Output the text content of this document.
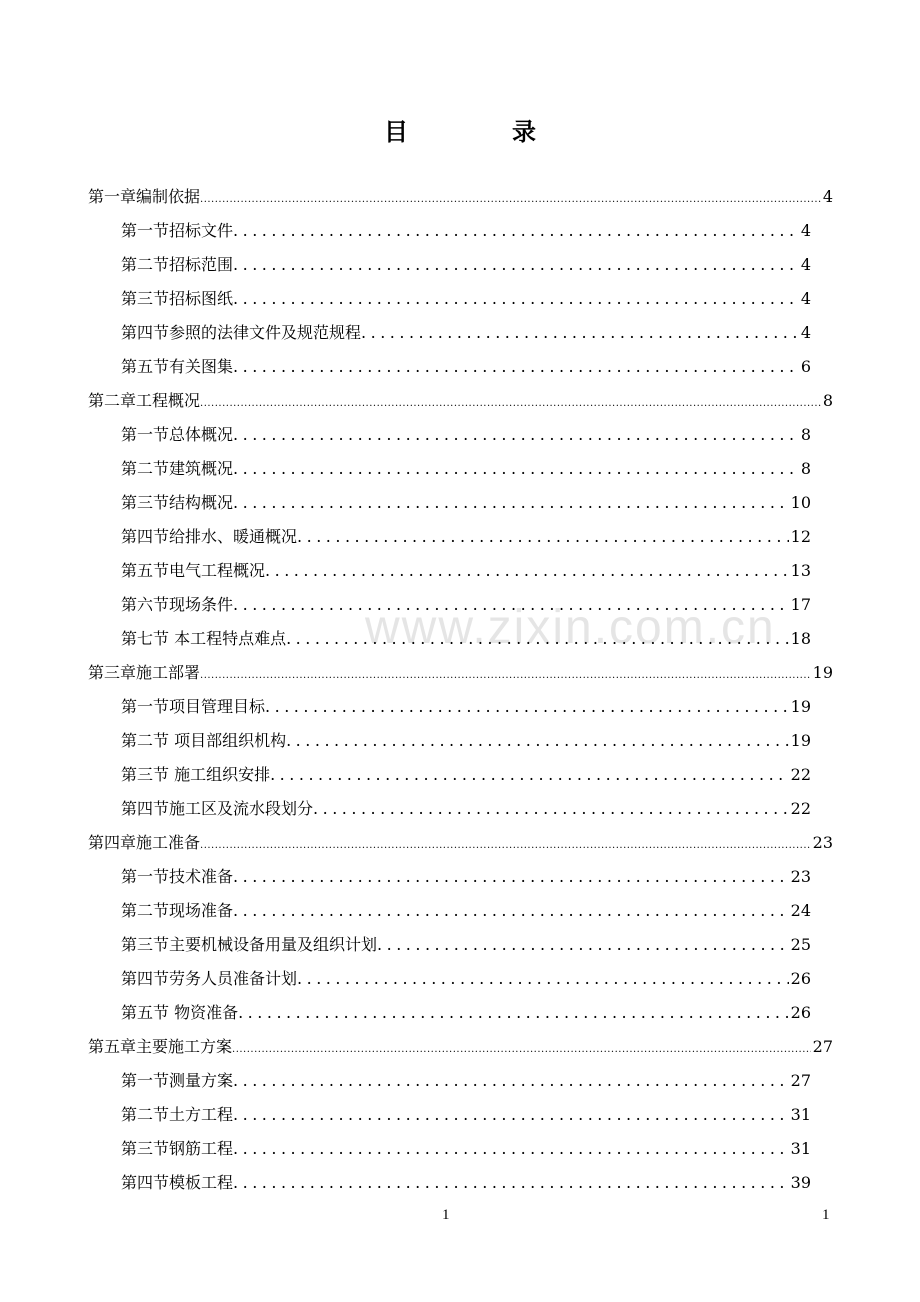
目　录
www.zixin.com.cn
第一章编制依据 .....	4
第一节招标文件 .....	4
第二节招标范围 .....	4
第三节招标图纸 .....	4
第四节参照的法律文件及规范规程 .....	4
第五节有关图集 .....	6
第二章工程概况 .....	8
第一节总体概况 .....	8
第二节建筑概况 .....	8
第三节结构概况 .....	10
第四节给排水、暖通概况 .....	12
第五节电气工程概况 .....	13
第六节现场条件 .....	17
第七节 本工程特点难点 .....	18
第三章施工部署 .....	19
第一节项目管理目标 .....	19
第二节 项目部组织机构 .....	19
第三节 施工组织安排 .....	22
第四节施工区及流水段划分 .....	22
第四章施工准备 .....	23
第一节技术准备 .....	23
第二节现场准备 .....	24
第三节主要机械设备用量及组织计划 .....	25
第四节劳务人员准备计划 .....	26
第五节 物资准备 .....	26
第五章主要施工方案 .....	27
第一节测量方案 .....	27
第二节土方工程 .....	31
第三节钢筋工程 .....	31
第四节模板工程 .....	39
1	1
